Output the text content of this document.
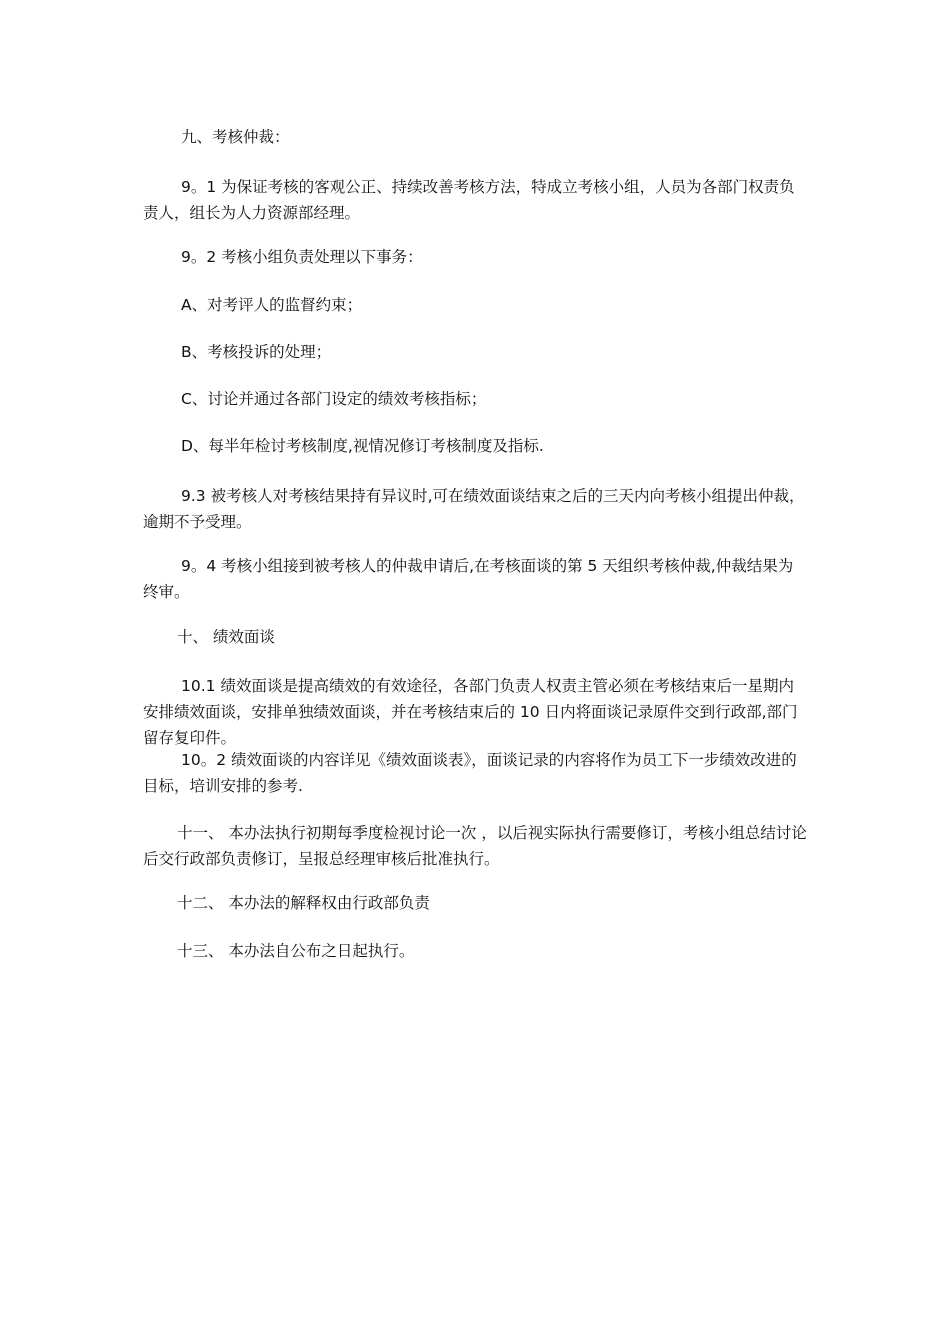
九、考核仲裁：

9。1 为保证考核的客观公正、持续改善考核方法，特成立考核小组，人员为各部门权责负责人，组长为人力资源部经理。

9。2 考核小组负责处理以下事务：

A、对考评人的监督约束；

B、考核投诉的处理；

C、讨论并通过各部门设定的绩效考核指标；

D、每半年检讨考核制度,视情况修订考核制度及指标.

9.3 被考核人对考核结果持有异议时,可在绩效面谈结束之后的三天内向考核小组提出仲裁，逾期不予受理。

9。4 考核小组接到被考核人的仲裁申请后,在考核面谈的第 5 天组织考核仲裁,仲裁结果为终审。

十、 绩效面谈

10.1 绩效面谈是提高绩效的有效途径，各部门负责人权责主管必须在考核结束后一星期内安排绩效面谈，安排单独绩效面谈，并在考核结束后的 10 日内将面谈记录原件交到行政部,部门留存复印件。

10。2 绩效面谈的内容详见《绩效面谈表》，面谈记录的内容将作为员工下一步绩效改进的目标，培训安排的参考.

十一、 本办法执行初期每季度检视讨论一次 ，以后视实际执行需要修订，考核小组总结讨论后交行政部负责修订，呈报总经理审核后批准执行。

十二、 本办法的解释权由行政部负责

十三、 本办法自公布之日起执行。
